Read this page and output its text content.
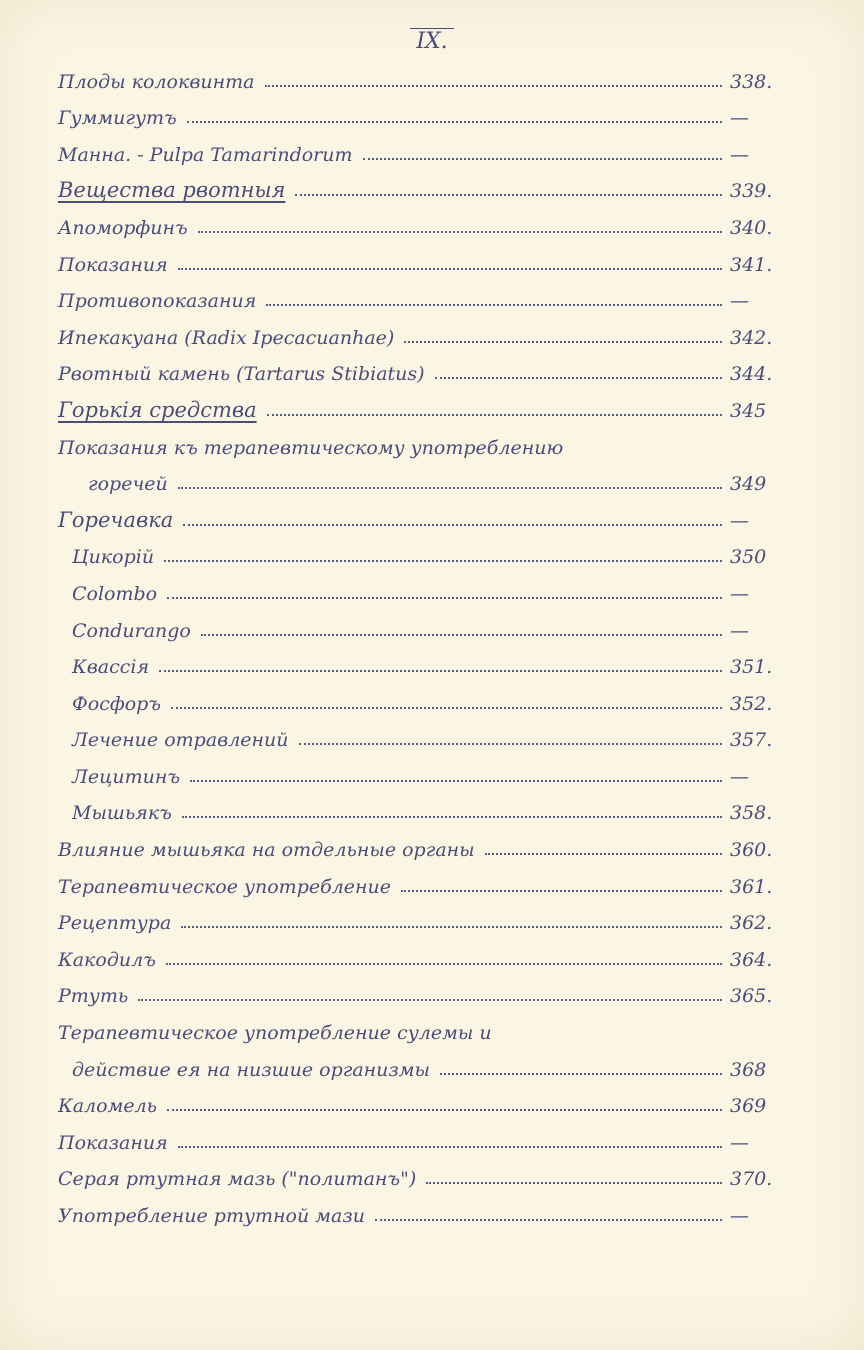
IX.
Плоды колоквинта	338.
Гуммигутъ	—
Манна. - Pulpa Tamarindorum	—
Вещества рвотныя	339.
Апоморфинъ	340.
Показания	341.
Противопоказания	—
Ипекакуана (Radix Ipecacuanhae)	342.
Рвотный камень (Tartarus Stibiatus)	344.
Горькія средства	345
Показания къ терапевтическому употреблению
горечей	349
Горечавка	—
Цикорій	350
Colombo	—
Condurango	—
Квассія	351.
Фосфоръ	352.
Лечение отравлений	357.
Лецитинъ	—
Мышьякъ	358.
Влияние мышьяка на отдельные органы	360.
Терапевтическое употребление	361.
Рецептура	362.
Какодилъ	364.
Ртуть	365.
Терапевтическое употребление сулемы и
действие ея на низшие организмы	368
Каломель	369
Показания	—
Серая ртутная мазь ("политанъ")	370.
Употребление ртутной мази	—
